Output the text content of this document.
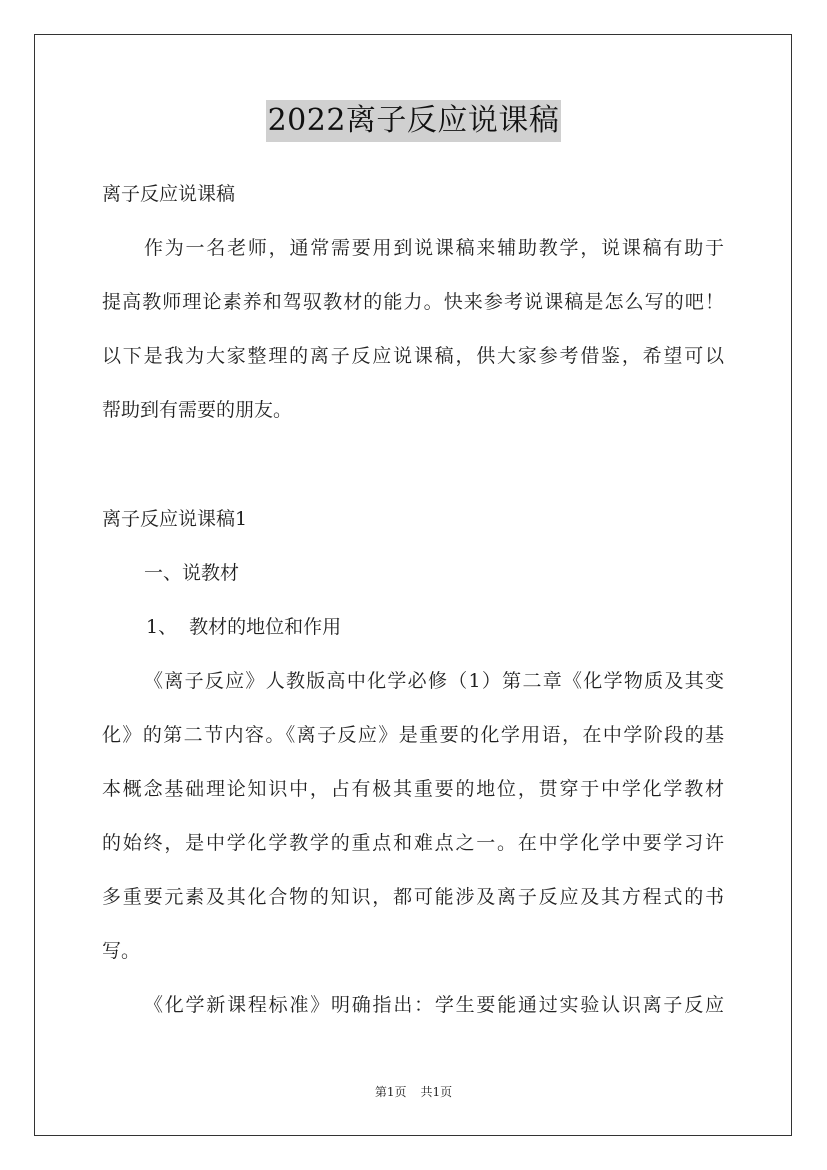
2022离子反应说课稿
离子反应说课稿
作为一名老师，通常需要用到说课稿来辅助教学，说课稿有助于
提高教师理论素养和驾驭教材的能力。快来参考说课稿是怎么写的吧！
以下是我为大家整理的离子反应说课稿，供大家参考借鉴，希望可以
帮助到有需要的朋友。
离子反应说课稿1
一、说教材
1、  教材的地位和作用
《离子反应》人教版高中化学必修（1）第二章《化学物质及其变
化》的第二节内容。《离子反应》是重要的化学用语，在中学阶段的基
本概念基础理论知识中，占有极其重要的地位，贯穿于中学化学教材
的始终，是中学化学教学的重点和难点之一。在中学化学中要学习许
多重要元素及其化合物的知识，都可能涉及离子反应及其方程式的书
写。
《化学新课程标准》明确指出：学生要能通过实验认识离子反应
第1页 共1页
